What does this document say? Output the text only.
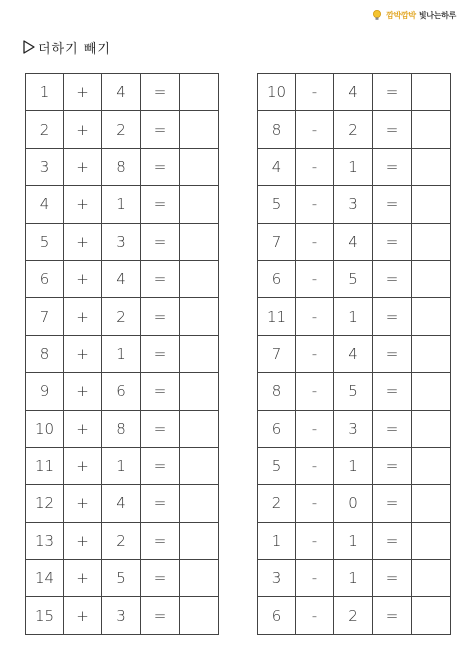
깜박깜박 빛나는하루
더하기 빼기
1	+	4	=	
2	+	2	=	
3	+	8	=	
4	+	1	=	
5	+	3	=	
6	+	4	=	
7	+	2	=	
8	+	1	=	
9	+	6	=	
10	+	8	=	
11	+	1	=	
12	+	4	=	
13	+	2	=	
14	+	5	=	
15	+	3	=	
10	-	4	=	
8	-	2	=	
4	-	1	=	
5	-	3	=	
7	-	4	=	
6	-	5	=	
11	-	1	=	
7	-	4	=	
8	-	5	=	
6	-	3	=	
5	-	1	=	
2	-	0	=	
1	-	1	=	
3	-	1	=	
6	-	2	=	
